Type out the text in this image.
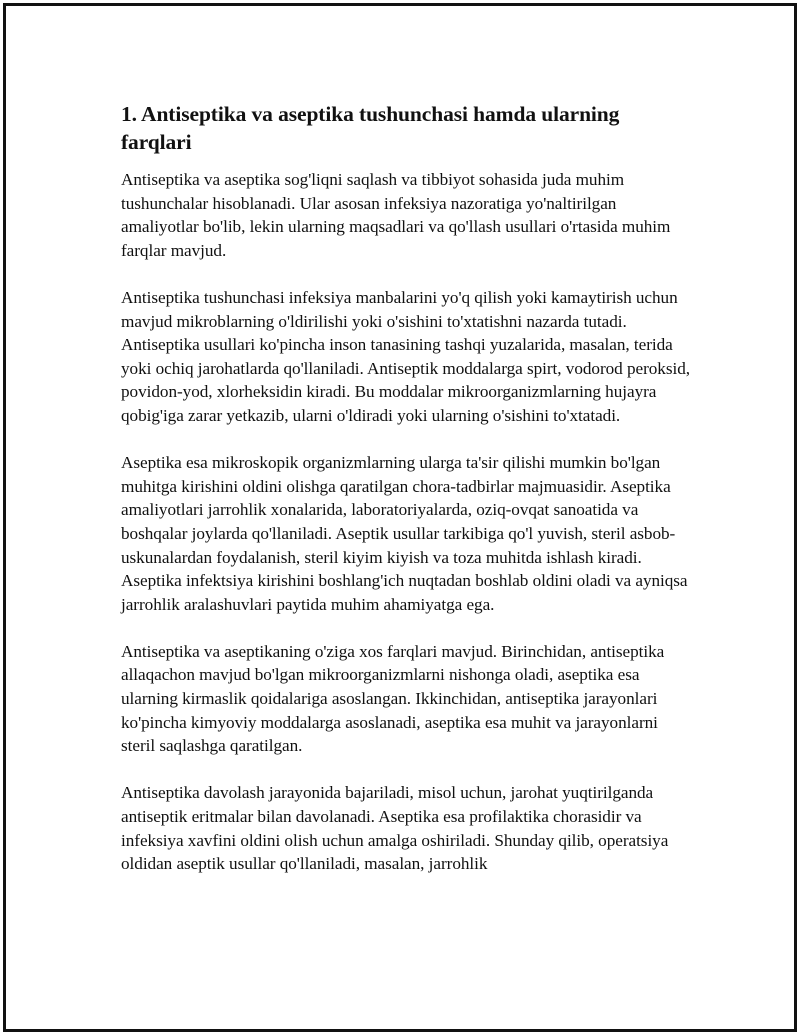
1. Antiseptika va aseptika tushunchasi hamda ularning farqlari

Antiseptika va aseptika sog'liqni saqlash va tibbiyot sohasida juda muhim tushunchalar hisoblanadi. Ular asosan infeksiya nazoratiga yo'naltirilgan amaliyotlar bo'lib, lekin ularning maqsadlari va qo'llash usullari o'rtasida muhim farqlar mavjud.

Antiseptika tushunchasi infeksiya manbalarini yo'q qilish yoki kamaytirish uchun mavjud mikroblarning o'ldirilishi yoki o'sishini to'xtatishni nazarda tutadi. Antiseptika usullari ko'pincha inson tanasining tashqi yuzalarida, masalan, terida yoki ochiq jarohatlarda qo'llaniladi. Antiseptik moddalarga spirt, vodorod peroksid, povidon-yod, xlorheksidin kiradi. Bu moddalar mikroorganizmlarning hujayra qobig'iga zarar yetkazib, ularni o'ldiradi yoki ularning o'sishini to'xtatadi.

Aseptika esa mikroskopik organizmlarning ularga ta'sir qilishi mumkin bo'lgan muhitga kirishini oldini olishga qaratilgan chora-tadbirlar majmuasidir. Aseptika amaliyotlari jarrohlik xonalarida, laboratoriyalarda, oziq-ovqat sanoatida va boshqalar joylarda qo'llaniladi. Aseptik usullar tarkibiga qo'l yuvish, steril asbob-uskunalardan foydalanish, steril kiyim kiyish va toza muhitda ishlash kiradi. Aseptika infektsiya kirishini boshlang'ich nuqtadan boshlab oldini oladi va ayniqsa jarrohlik aralashuvlari paytida muhim ahamiyatga ega.

Antiseptika va aseptikaning o'ziga xos farqlari mavjud. Birinchidan, antiseptika allaqachon mavjud bo'lgan mikroorganizmlarni nishonga oladi, aseptika esa ularning kirmaslik qoidalariga asoslangan. Ikkinchidan, antiseptika jarayonlari ko'pincha kimyoviy moddalarga asoslanadi, aseptika esa muhit va jarayonlarni steril saqlashga qaratilgan.

Antiseptika davolash jarayonida bajariladi, misol uchun, jarohat yuqtirilganda antiseptik eritmalar bilan davolanadi. Aseptika esa profilaktika chorasidir va infeksiya xavfini oldini olish uchun amalga oshiriladi. Shunday qilib, operatsiya oldidan aseptik usullar qo'llaniladi, masalan, jarrohlik
